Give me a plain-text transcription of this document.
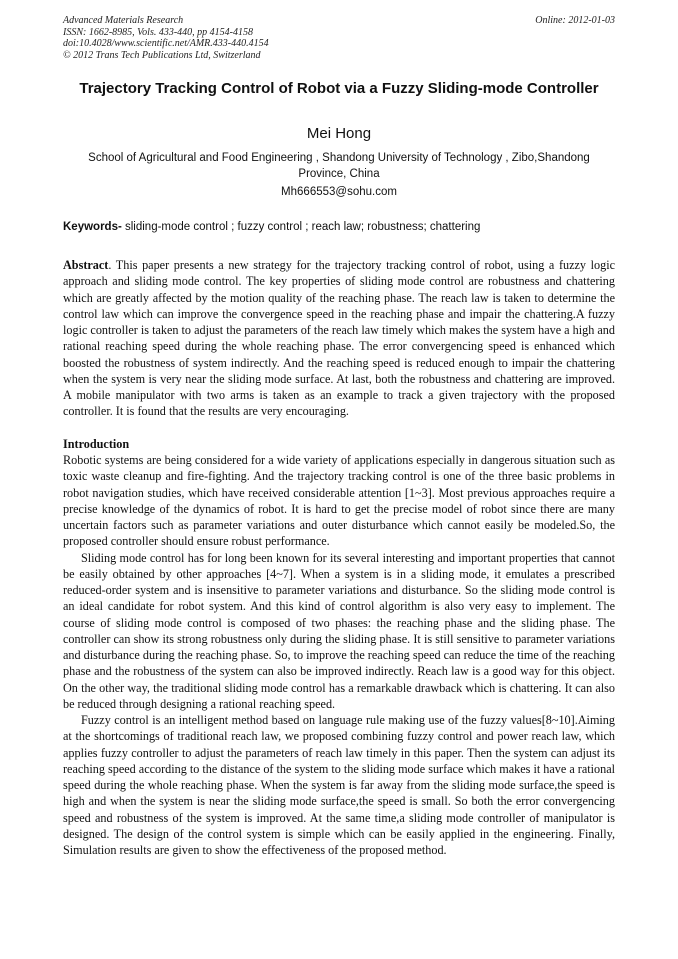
Advanced Materials Research
ISSN: 1662-8985, Vols. 433-440, pp 4154-4158
doi:10.4028/www.scientific.net/AMR.433-440.4154
© 2012 Trans Tech Publications Ltd, Switzerland
Online: 2012-01-03
Trajectory Tracking Control of Robot via a Fuzzy Sliding-mode Controller
Mei Hong
School of Agricultural and Food Engineering , Shandong University of Technology , Zibo,Shandong Province, China
Mh666553@sohu.com
Keywords- sliding-mode control ; fuzzy control ; reach law; robustness; chattering
Abstract. This paper presents a new strategy for the trajectory tracking control of robot, using a fuzzy logic approach and sliding mode control. The key properties of sliding mode control are robustness and chattering which are greatly affected by the motion quality of the reaching phase. The reach law is taken to determine the control law which can improve the convergence speed in the reaching phase and impair the chattering.A fuzzy logic controller is taken to adjust the parameters of the reach law timely which makes the system have a high and rational reaching speed during the whole reaching phase. The error convergencing speed is enhanced which boosted the robustness of system indirectly. And the reaching speed is reduced enough to impair the chattering when the system is very near the sliding mode surface. At last, both the robustness and chattering are improved. A mobile manipulator with two arms is taken as an example to track a given trajectory with the proposed controller. It is found that the results are very encouraging.
Introduction

Robotic systems are being considered for a wide variety of applications especially in dangerous situation such as toxic waste cleanup and fire-fighting. And the trajectory tracking control is one of the three basic problems in robot navigation studies, which have received considerable attention [1~3]. Most previous approaches require a precise knowledge of the dynamics of robot. It is hard to get the precise model of robot since there are many uncertain factors such as parameter variations and outer disturbance which cannot easily be modeled.So, the proposed controller should ensure robust performance.

Sliding mode control has for long been known for its several interesting and important properties that cannot be easily obtained by other approaches [4~7]. When a system is in a sliding mode, it emulates a prescribed reduced-order system and is insensitive to parameter variations and disturbance. So the sliding mode control is an ideal candidate for robot system. And this kind of control algorithm is also very easy to implement. The course of sliding mode control is composed of two phases: the reaching phase and the sliding phase. The controller can show its strong robustness only during the sliding phase. It is still sensitive to parameter variations and disturbance during the reaching phase. So, to improve the reaching speed can reduce the time of the reaching phase and the robustness of the system can also be improved indirectly. Reach law is a good way for this object. On the other way, the traditional sliding mode control has a remarkable drawback which is chattering. It can also be reduced through designing a rational reaching speed.

Fuzzy control is an intelligent method based on language rule making use of the fuzzy values[8~10].Aiming at the shortcomings of traditional reach law, we proposed combining fuzzy control and power reach law, which applies fuzzy controller to adjust the parameters of reach law timely in this paper. Then the system can adjust its reaching speed according to the distance of the system to the sliding mode surface which makes it have a rational speed during the whole reaching phase. When the system is far away from the sliding mode surface,the speed is high and when the system is near the sliding mode surface,the speed is small. So both the error convergencing speed and robustness of the system is improved. At the same time,a sliding mode controller of manipulator is designed. The design of the control system is simple which can be easily applied in the engineering. Finally, Simulation results are given to show the effectiveness of the proposed method.
